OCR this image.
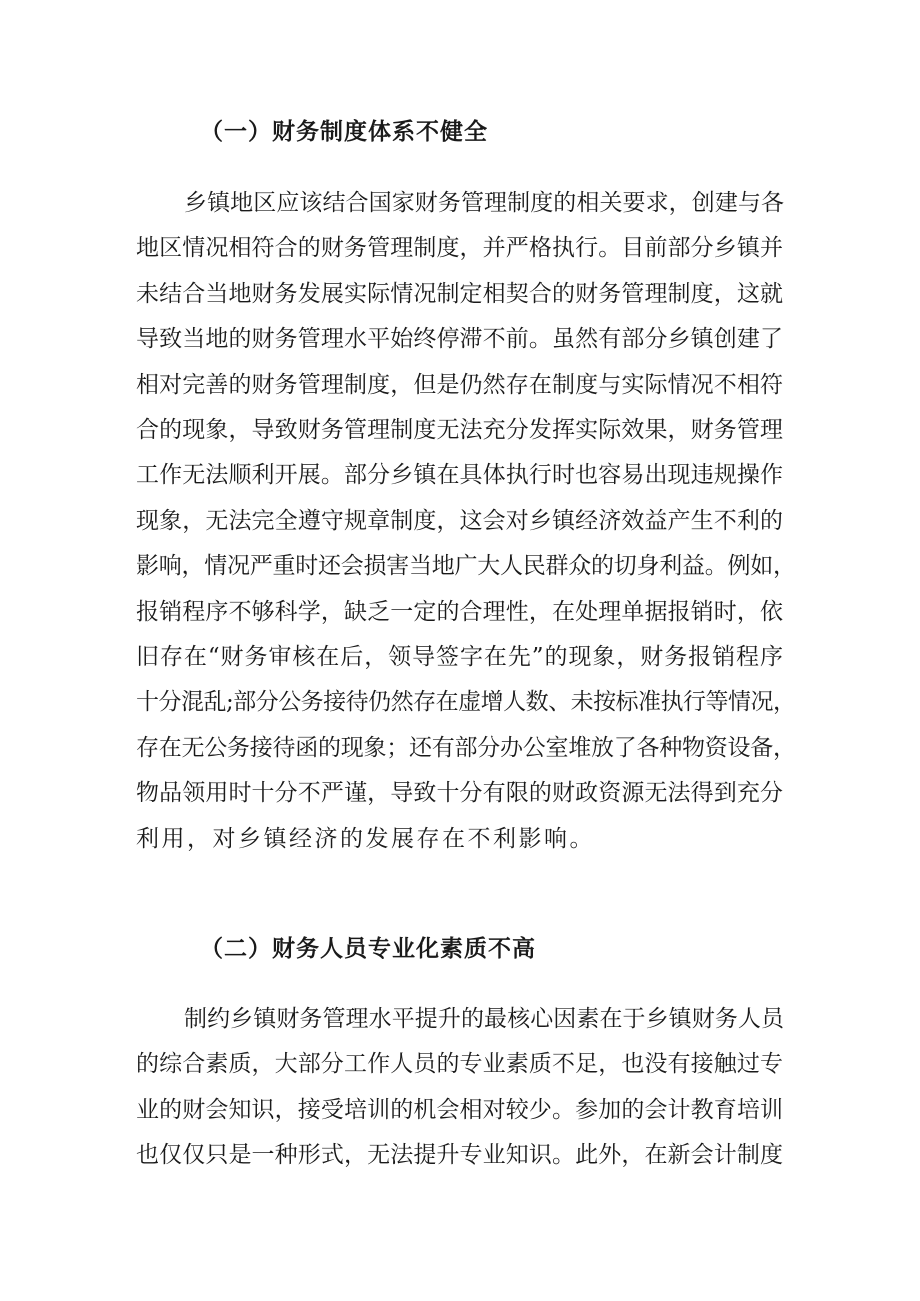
（一）财务制度体系不健全
乡镇地区应该结合国家财务管理制度的相关要求，创建与各
地区情况相符合的财务管理制度，并严格执行。目前部分乡镇并
未结合当地财务发展实际情况制定相契合的财务管理制度，这就
导致当地的财务管理水平始终停滞不前。虽然有部分乡镇创建了
相对完善的财务管理制度，但是仍然存在制度与实际情况不相符
合的现象，导致财务管理制度无法充分发挥实际效果，财务管理
工作无法顺利开展。部分乡镇在具体执行时也容易出现违规操作
现象，无法完全遵守规章制度，这会对乡镇经济效益产生不利的
影响，情况严重时还会损害当地广大人民群众的切身利益。例如，
报销程序不够科学，缺乏一定的合理性，在处理单据报销时，依
旧存在“财务审核在后，领导签字在先”的现象，财务报销程序
十分混乱;部分公务接待仍然存在虚增人数、未按标准执行等情况，
存在无公务接待函的现象；还有部分办公室堆放了各种物资设备，
物品领用时十分不严谨，导致十分有限的财政资源无法得到充分
利用，对乡镇经济的发展存在不利影响。
（二）财务人员专业化素质不高
制约乡镇财务管理水平提升的最核心因素在于乡镇财务人员
的综合素质，大部分工作人员的专业素质不足，也没有接触过专
业的财会知识，接受培训的机会相对较少。参加的会计教育培训
也仅仅只是一种形式，无法提升专业知识。此外，在新会计制度
